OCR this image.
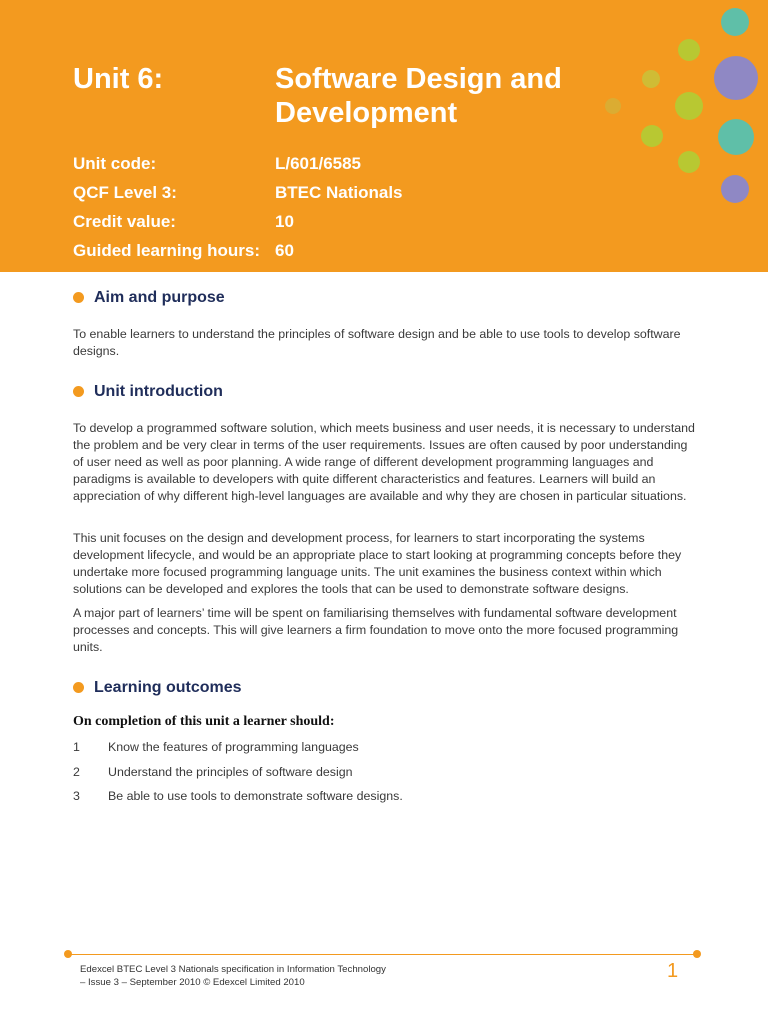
Unit 6:	Software Design and Development
Unit code:	L/601/6585
QCF Level 3:	BTEC Nationals
Credit value:	10
Guided learning hours: 60
Aim and purpose

To enable learners to understand the principles of software design and be able to use tools to develop software designs.

Unit introduction

To develop a programmed software solution, which meets business and user needs, it is necessary to understand the problem and be very clear in terms of the user requirements. Issues are often caused by poor understanding of user need as well as poor planning. A wide range of different development programming languages and paradigms is available to developers with quite different characteristics and features. Learners will build an appreciation of why different high-level languages are available and why they are chosen in particular situations.

This unit focuses on the design and development process, for learners to start incorporating the systems development lifecycle, and would be an appropriate place to start looking at programming concepts before they undertake more focused programming language units. The unit examines the business context within which solutions can be developed and explores the tools that can be used to demonstrate software designs.

A major part of learners’ time will be spent on familiarising themselves with fundamental software development processes and concepts. This will give learners a firm foundation to move onto the more focused programming units.

Learning outcomes
On completion of this unit a learner should:
1 Know the features of programming languages
2 Understand the principles of software design
3 Be able to use tools to demonstrate software designs.
Edexcel BTEC Level 3 Nationals specification in Information Technology
– Issue 3 – September 2010 © Edexcel Limited 2010
1
